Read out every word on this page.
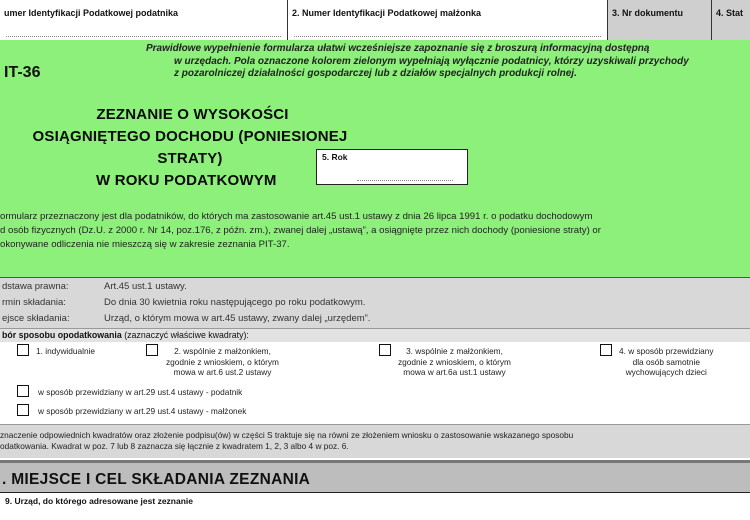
umer Identyfikacji Podatkowej podatnika	2. Numer Identyfikacji Podatkowej małżonka	3. Nr dokumentu	4. Stat
IT-36
Prawidłowe wypełnienie formularza ułatwi wcześniejsze zapoznanie się z broszurą informacyjną dostępną
w urzędach. Pola oznaczone kolorem zielonym wypełniają wyłącznie podatnicy, którzy uzyskiwali przychody
z pozarolniczej działalności gospodarczej lub z działów specjalnych produkcji rolnej.
ZEZNANIE O WYSOKOŚCI
OSIĄGNIĘTEGO DOCHODU (PONIESIONEJ STRATY)
W ROKU PODATKOWYM
5. Rok
ormularz przeznaczony jest dla podatników, do których ma zastosowanie art.45 ust.1 ustawy z dnia 26 lipca 1991 r. o podatku dochodowym
d osób fizycznych (Dz.U. z 2000 r. Nr 14, poz.176, z późn. zm.), zwanej dalej „ustawą”, a osiągnięte przez nich dochody (poniesione straty) or
okonywane odliczenia nie mieszczą się w zakresie zeznania PIT-37.
dstawa prawna:	Art.45 ust.1 ustawy.
rmin składania:	Do dnia 30 kwietnia roku następującego po roku podatkowym.
ejsce składania:	Urząd, o którym mowa w art.45 ustawy, zwany dalej „urzędem”.
bór sposobu opodatkowania (zaznaczyć właściwe kwadraty):
1. indywidualnie	2. wspólnie z małżonkiem,
zgodnie z wnioskiem, o którym
mowa w art.6 ust.2 ustawy
3. wspólnie z małżonkiem,
zgodnie z wnioskiem, o którym
mowa w art.6a ust.1 ustawy
4. w sposób przewidziany
dla osób samotnie
wychowujących dzieci
w sposób przewidziany w art.29 ust.4 ustawy - podatnik
w sposób przewidziany w art.29 ust.4 ustawy - małżonek
znaczenie odpowiednich kwadratów oraz złożenie podpisu(ów) w części S traktuje się na równi ze złożeniem wniosku o zastosowanie wskazanego sposobu
odatkowania. Kwadrat w poz. 7 lub 8 zaznacza się łącznie z kwadratem 1, 2, 3 albo 4 w poz. 6.
. MIEJSCE I CEL SKŁADANIA ZEZNANIA
9. Urząd, do którego adresowane jest zeznanie
